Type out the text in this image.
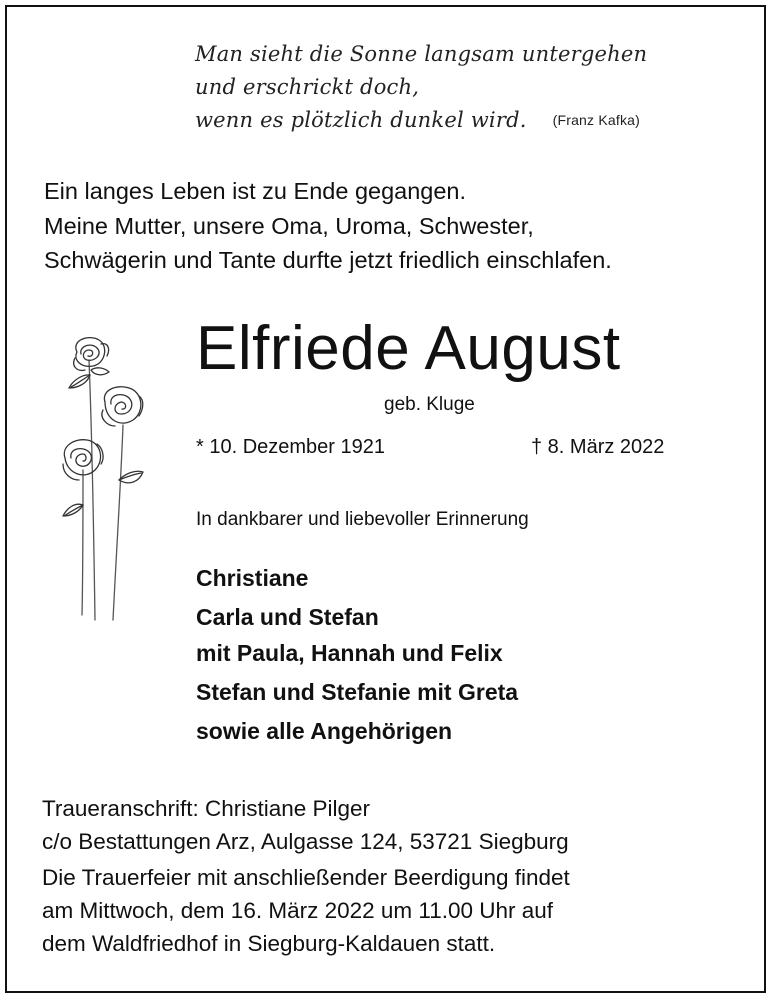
Man sieht die Sonne langsam untergehen
und erschrickt doch,
wenn es plötzlich dunkel wird. (Franz Kafka)
Ein langes Leben ist zu Ende gegangen.
Meine Mutter, unsere Oma, Uroma, Schwester,
Schwägerin und Tante durfte jetzt friedlich einschlafen.
Elfriede August
geb. Kluge
* 10. Dezember 1921	† 8. März 2022
In dankbarer und liebevoller Erinnerung
Christiane
Carla und Stefan
mit Paula, Hannah und Felix
Stefan und Stefanie mit Greta
sowie alle Angehörigen
Traueranschrift: Christiane Pilger
c/o Bestattungen Arz, Aulgasse 124, 53721 Siegburg
Die Trauerfeier mit anschließender Beerdigung findet
am Mittwoch, dem 16. März 2022 um 11.00 Uhr auf
dem Waldfriedhof in Siegburg-Kaldauen statt.
